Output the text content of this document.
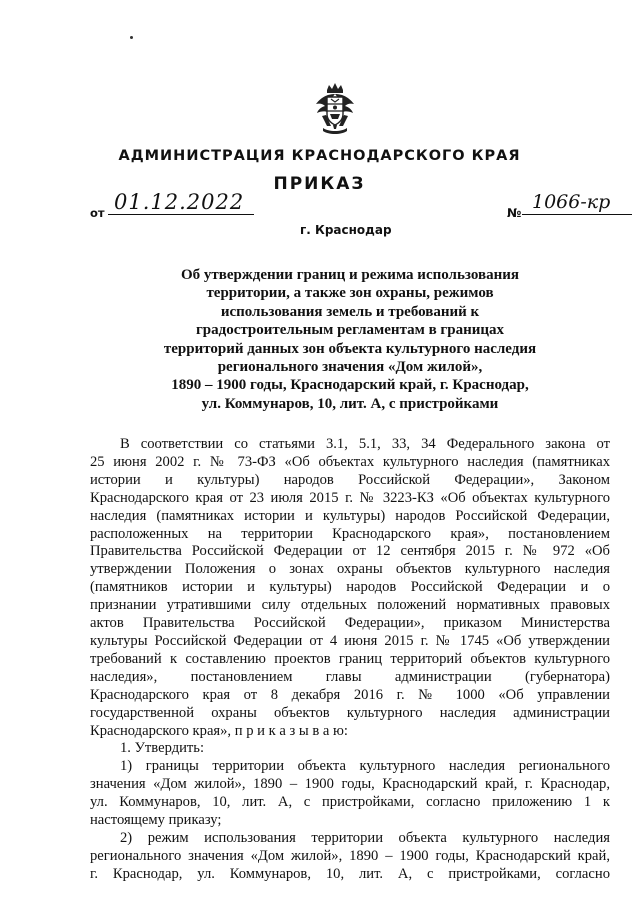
АДМИНИСТРАЦИЯ КРАСНОДАРСКОГО КРАЯ
ПРИКАЗ
от 01.12.2022
г. Краснодар
№ 1066-кр
Об утверждении границ и режима использования
территории, а также зон охраны, режимов
использования земель и требований к
градостроительным регламентам в границах
территорий данных зон объекта культурного наследия
регионального значения «Дом жилой»,
1890 – 1900 годы, Краснодарский край, г. Краснодар,
ул. Коммунаров, 10, лит. А, с пристройками
В соответствии со статьями 3.1, 5.1, 33, 34 Федерального закона от
25 июня 2002 г. № 73-ФЗ «Об объектах культурного наследия (памятниках
истории и культуры) народов Российской Федерации», Законом
Краснодарского края от 23 июля 2015 г. № 3223-КЗ «Об объектах культурного
наследия (памятниках истории и культуры) народов Российской Федерации,
расположенных на территории Краснодарского края», постановлением
Правительства Российской Федерации от 12 сентября 2015 г. № 972 «Об
утверждении Положения о зонах охраны объектов культурного наследия
(памятников истории и культуры) народов Российской Федерации и о
признании утратившими силу отдельных положений нормативных правовых
актов Правительства Российской Федерации», приказом Министерства
культуры Российской Федерации от 4 июня 2015 г. № 1745 «Об утверждении
требований к составлению проектов границ территорий объектов культурного
наследия», постановлением главы администрации (губернатора)
Краснодарского края от 8 декабря 2016 г. № 1000 «Об управлении
государственной охраны объектов культурного наследия администрации
Краснодарского края», п р и к а з ы в а ю:
1. Утвердить:
1) границы территории объекта культурного наследия регионального
значения «Дом жилой», 1890 – 1900 годы, Краснодарский край, г. Краснодар,
ул. Коммунаров, 10, лит. А, с пристройками, согласно приложению 1 к
настоящему приказу;
2) режим использования территории объекта культурного наследия
регионального значения «Дом жилой», 1890 – 1900 годы, Краснодарский край,
г. Краснодар, ул. Коммунаров, 10, лит. А, с пристройками, согласно
